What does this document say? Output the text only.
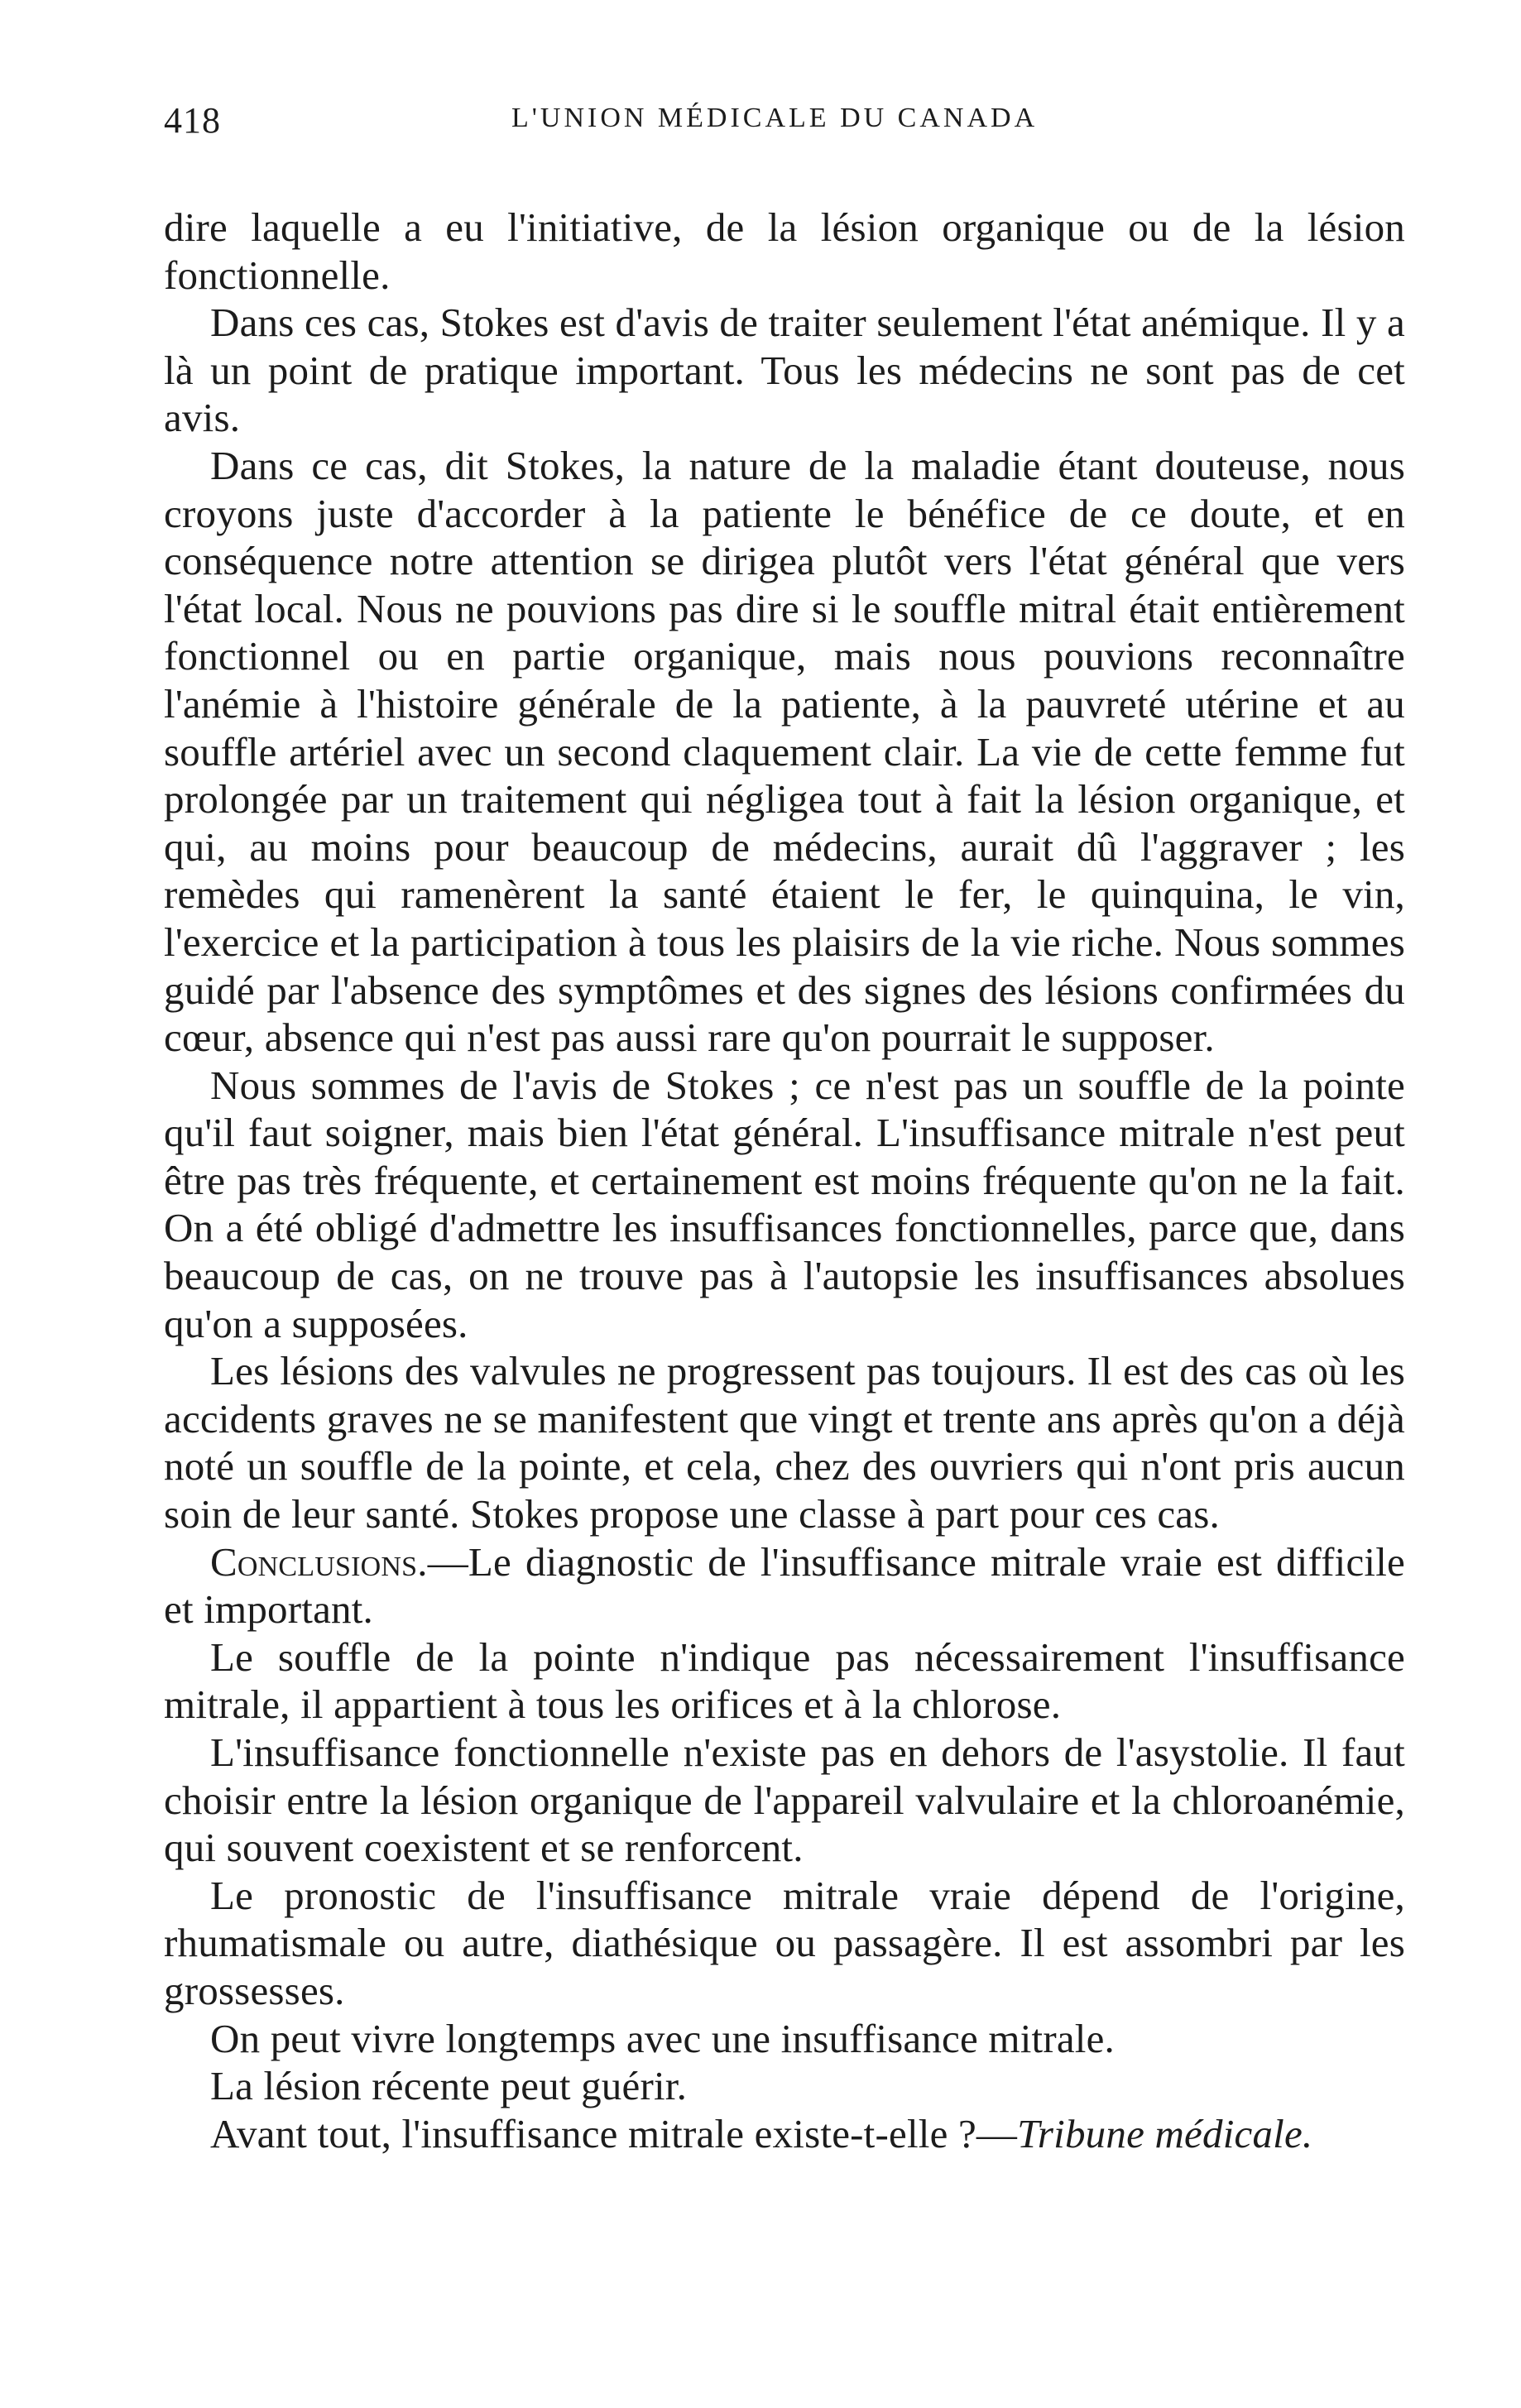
418	L'UNION MÉDICALE DU CANADA

dire laquelle a eu l'initiative, de la lésion organique ou de la lésion fonctionnelle.

Dans ces cas, Stokes est d'avis de traiter seulement l'état anémique. Il y a là un point de pratique important. Tous les médecins ne sont pas de cet avis.

Dans ce cas, dit Stokes, la nature de la maladie étant douteuse, nous croyons juste d'accorder à la patiente le bénéfice de ce doute, et en conséquence notre attention se dirigea plutôt vers l'état général que vers l'état local. Nous ne pouvions pas dire si le souffle mitral était entièrement fonctionnel ou en partie organique, mais nous pouvions reconnaître l'anémie à l'histoire générale de la patiente, à la pauvreté utérine et au souffle artériel avec un second claquement clair. La vie de cette femme fut prolongée par un traitement qui négligea tout à fait la lésion organique, et qui, au moins pour beaucoup de médecins, aurait dû l'aggraver ; les remèdes qui ramenèrent la santé étaient le fer, le quinquina, le vin, l'exercice et la participation à tous les plaisirs de la vie riche. Nous sommes guidé par l'absence des symptômes et des signes des lésions confirmées du cœur, absence qui n'est pas aussi rare qu'on pourrait le supposer.

Nous sommes de l'avis de Stokes ; ce n'est pas un souffle de la pointe qu'il faut soigner, mais bien l'état général. L'insuffisance mitrale n'est peut être pas très fréquente, et certainement est moins fréquente qu'on ne la fait. On a été obligé d'admettre les insuffisances fonctionnelles, parce que, dans beaucoup de cas, on ne trouve pas à l'autopsie les insuffisances absolues qu'on a supposées.

Les lésions des valvules ne progressent pas toujours. Il est des cas où les accidents graves ne se manifestent que vingt et trente ans après qu'on a déjà noté un souffle de la pointe, et cela, chez des ouvriers qui n'ont pris aucun soin de leur santé. Stokes propose une classe à part pour ces cas.

Conclusions.—Le diagnostic de l'insuffisance mitrale vraie est difficile et important.

Le souffle de la pointe n'indique pas nécessairement l'insuffisance mitrale, il appartient à tous les orifices et à la chlorose.

L'insuffisance fonctionnelle n'existe pas en dehors de l'asystolie. Il faut choisir entre la lésion organique de l'appareil valvulaire et la chloroanémie, qui souvent coexistent et se renforcent.

Le pronostic de l'insuffisance mitrale vraie dépend de l'origine, rhumatismale ou autre, diathésique ou passagère. Il est assombri par les grossesses.

On peut vivre longtemps avec une insuffisance mitrale.

La lésion récente peut guérir.

Avant tout, l'insuffisance mitrale existe-t-elle ?—Tribune médicale.
